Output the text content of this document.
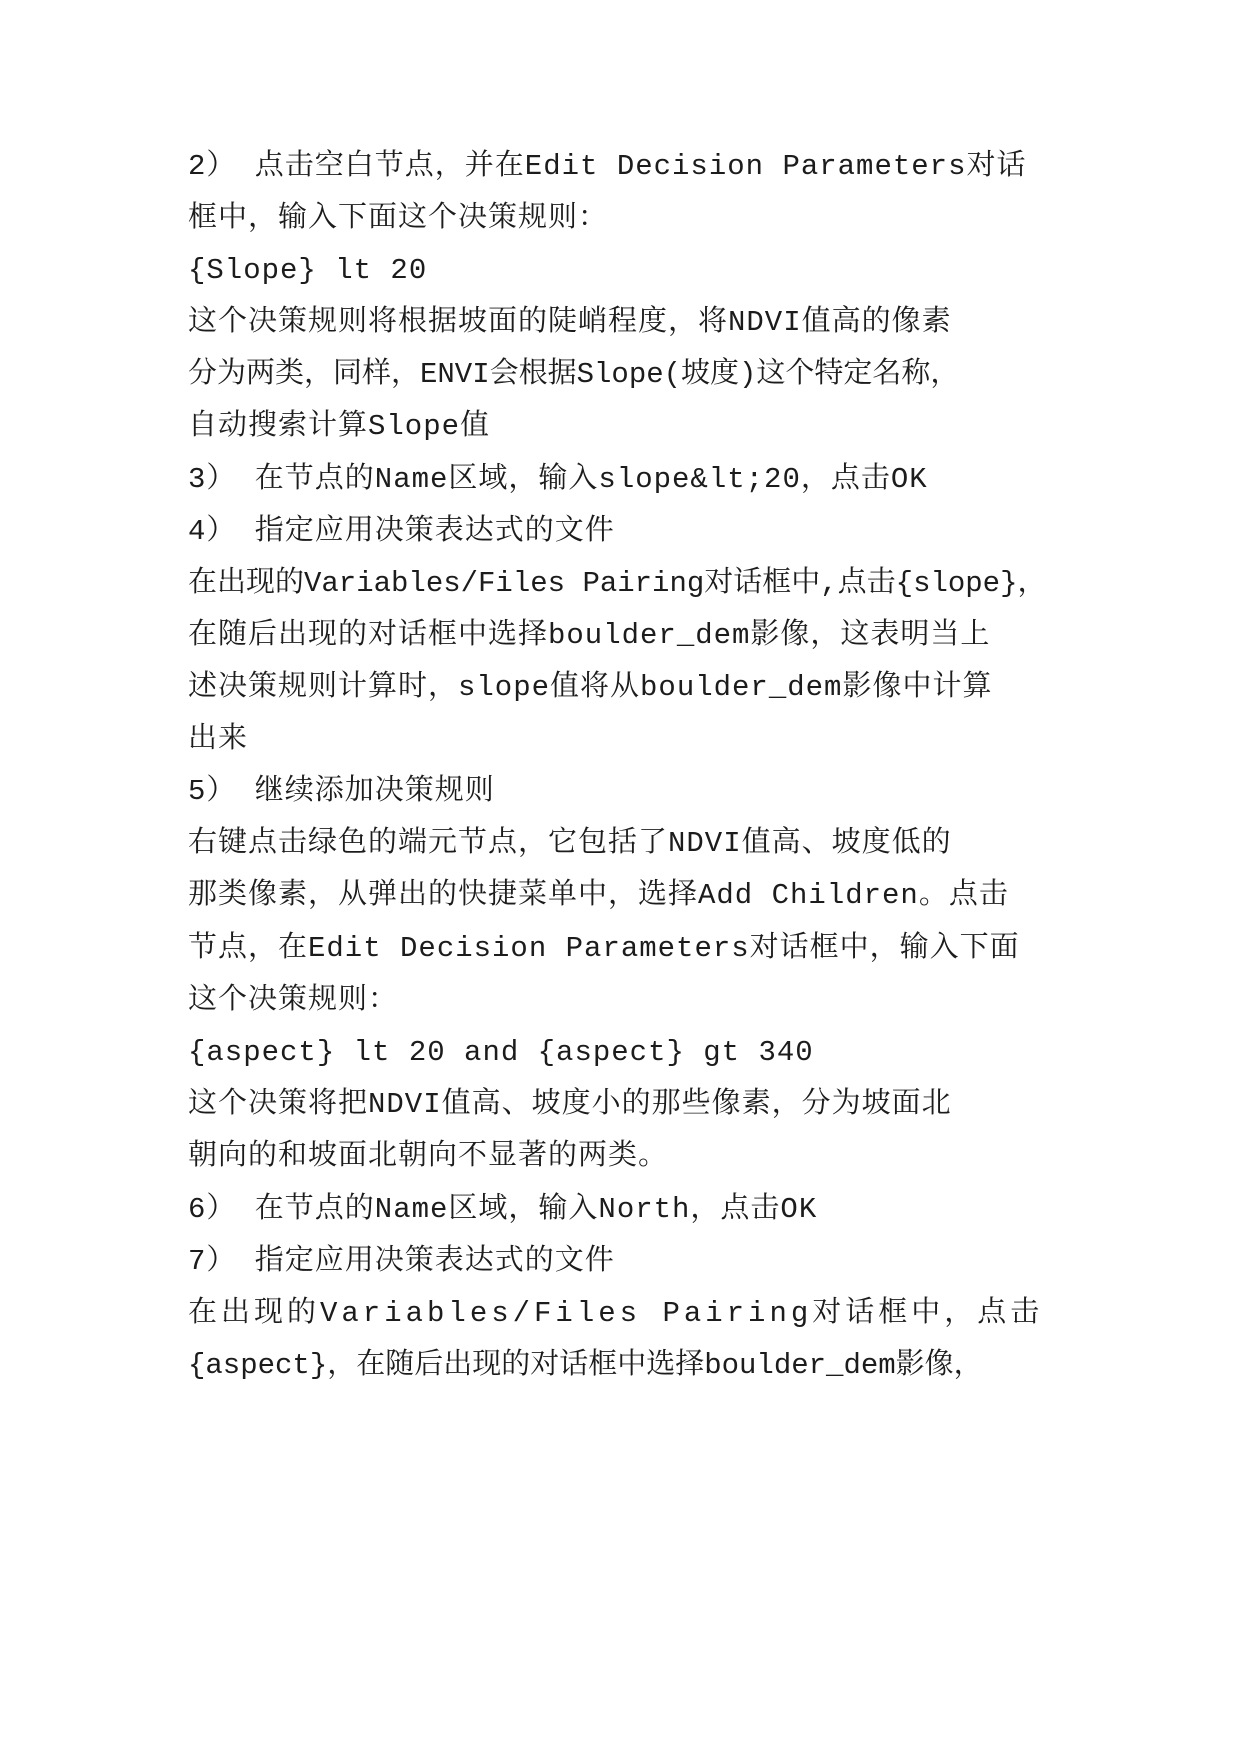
2） 点击空白节点，并在Edit Decision Parameters对话
框中，输入下面这个决策规则：
{Slope} lt 20
这个决策规则将根据坡面的陡峭程度，将NDVI值高的像素
分为两类，同样，ENVI会根据Slope(坡度)这个特定名称，
自动搜索计算Slope值
3） 在节点的Name区域，输入slope&lt;20，点击OK
4） 指定应用决策表达式的文件
在出现的Variables/Files Pairing对话框中,点击{slope}，
在随后出现的对话框中选择boulder_dem影像，这表明当上
述决策规则计算时，slope值将从boulder_dem影像中计算
出来
5） 继续添加决策规则
右键点击绿色的端元节点，它包括了NDVI值高、坡度低的
那类像素，从弹出的快捷菜单中，选择Add Children。点击
节点，在Edit Decision Parameters对话框中，输入下面
这个决策规则：
{aspect} lt 20 and {aspect} gt 340
这个决策将把NDVI值高、坡度小的那些像素，分为坡面北
朝向的和坡面北朝向不显著的两类。
6） 在节点的Name区域，输入North，点击OK
7） 指定应用决策表达式的文件
在出现的Variables/Files Pairing对话框中，点击
{aspect}，在随后出现的对话框中选择boulder_dem影像，
